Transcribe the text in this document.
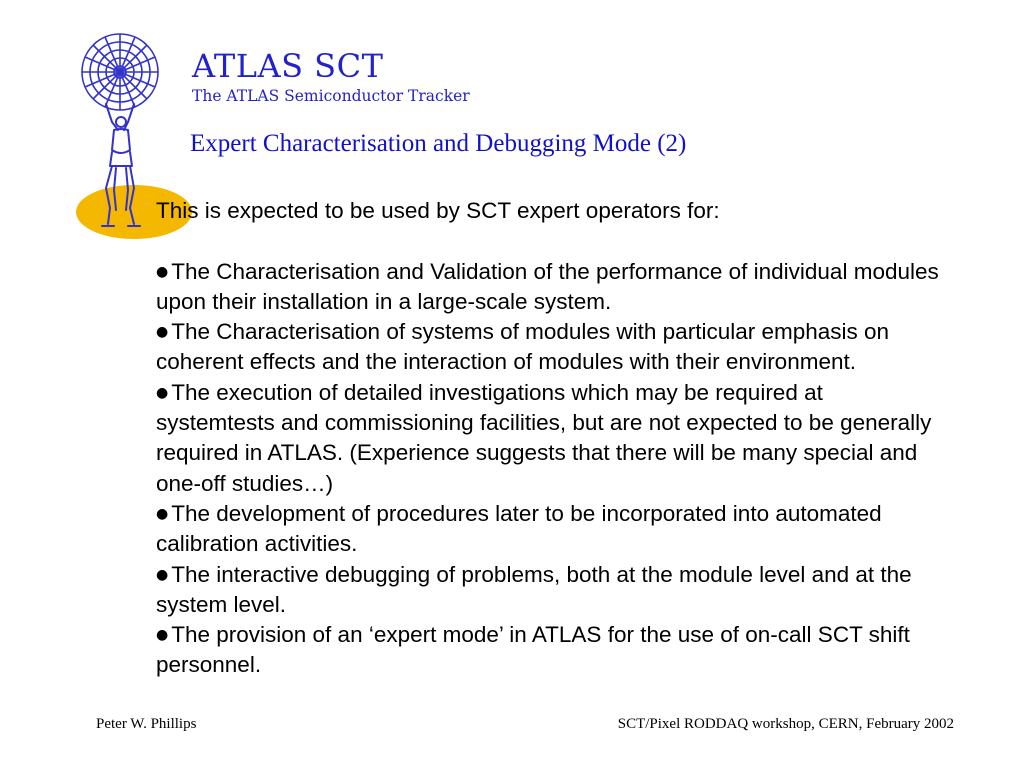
ATLAS SCT
The ATLAS Semiconductor Tracker
Expert Characterisation and Debugging Mode (2)

This is expected to be used by SCT expert operators for:

● The Characterisation and Validation of the performance of individual modules upon their installation in a large-scale system.
● The Characterisation of systems of modules with particular emphasis on coherent effects and the interaction of modules with their environment.
● The execution of detailed investigations which may be required at systemtests and commissioning facilities, but are not expected to be generally required in ATLAS. (Experience suggests that there will be many special and one-off studies…)
● The development of procedures later to be incorporated into automated calibration activities.
● The interactive debugging of problems, both at the module level and at the system level.
● The provision of an ‘expert mode’ in ATLAS for the use of on-call SCT shift personnel.
Peter W. Phillips	SCT/Pixel RODDAQ workshop, CERN, February 2002
